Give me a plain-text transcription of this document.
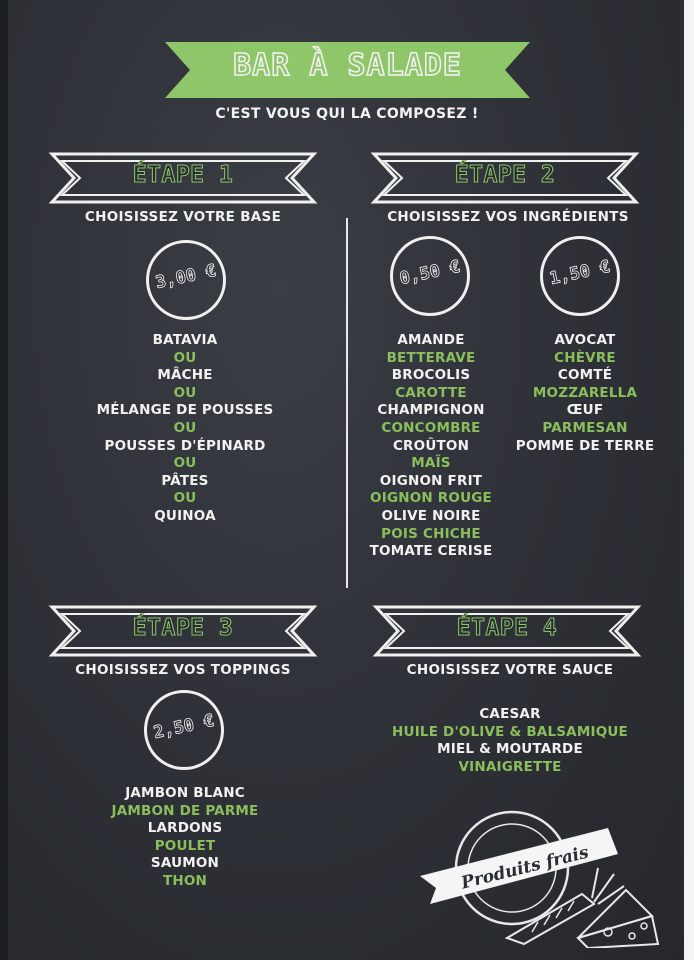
BAR À SALADE
C'EST VOUS QUI LA COMPOSEZ !
ÉTAPE 1
CHOISISSEZ VOTRE BASE
3,00 €
BATAVIA
OU
MÂCHE
OU
MÉLANGE DE POUSSES
OU
POUSSES D'ÉPINARD
OU
PÂTES
OU
QUINOA
ÉTAPE 2
CHOISISSEZ VOS INGRÉDIENTS
0,50 €	1,50 €
AMANDE
BETTERAVE
BROCOLIS
CAROTTE
CHAMPIGNON
CONCOMBRE
CROÛTON
MAÏS
OIGNON FRIT
OIGNON ROUGE
OLIVE NOIRE
POIS CHICHE
TOMATE CERISE
AVOCAT
CHÈVRE
COMTÉ
MOZZARELLA
ŒUF
PARMESAN
POMME DE TERRE
ÉTAPE 3
CHOISISSEZ VOS TOPPINGS
2,50 €
JAMBON BLANC
JAMBON DE PARME
LARDONS
POULET
SAUMON
THON
ÉTAPE 4
CHOISISSEZ VOTRE SAUCE
CAESAR
HUILE D'OLIVE & BALSAMIQUE
MIEL & MOUTARDE
VINAIGRETTE
Produits frais
